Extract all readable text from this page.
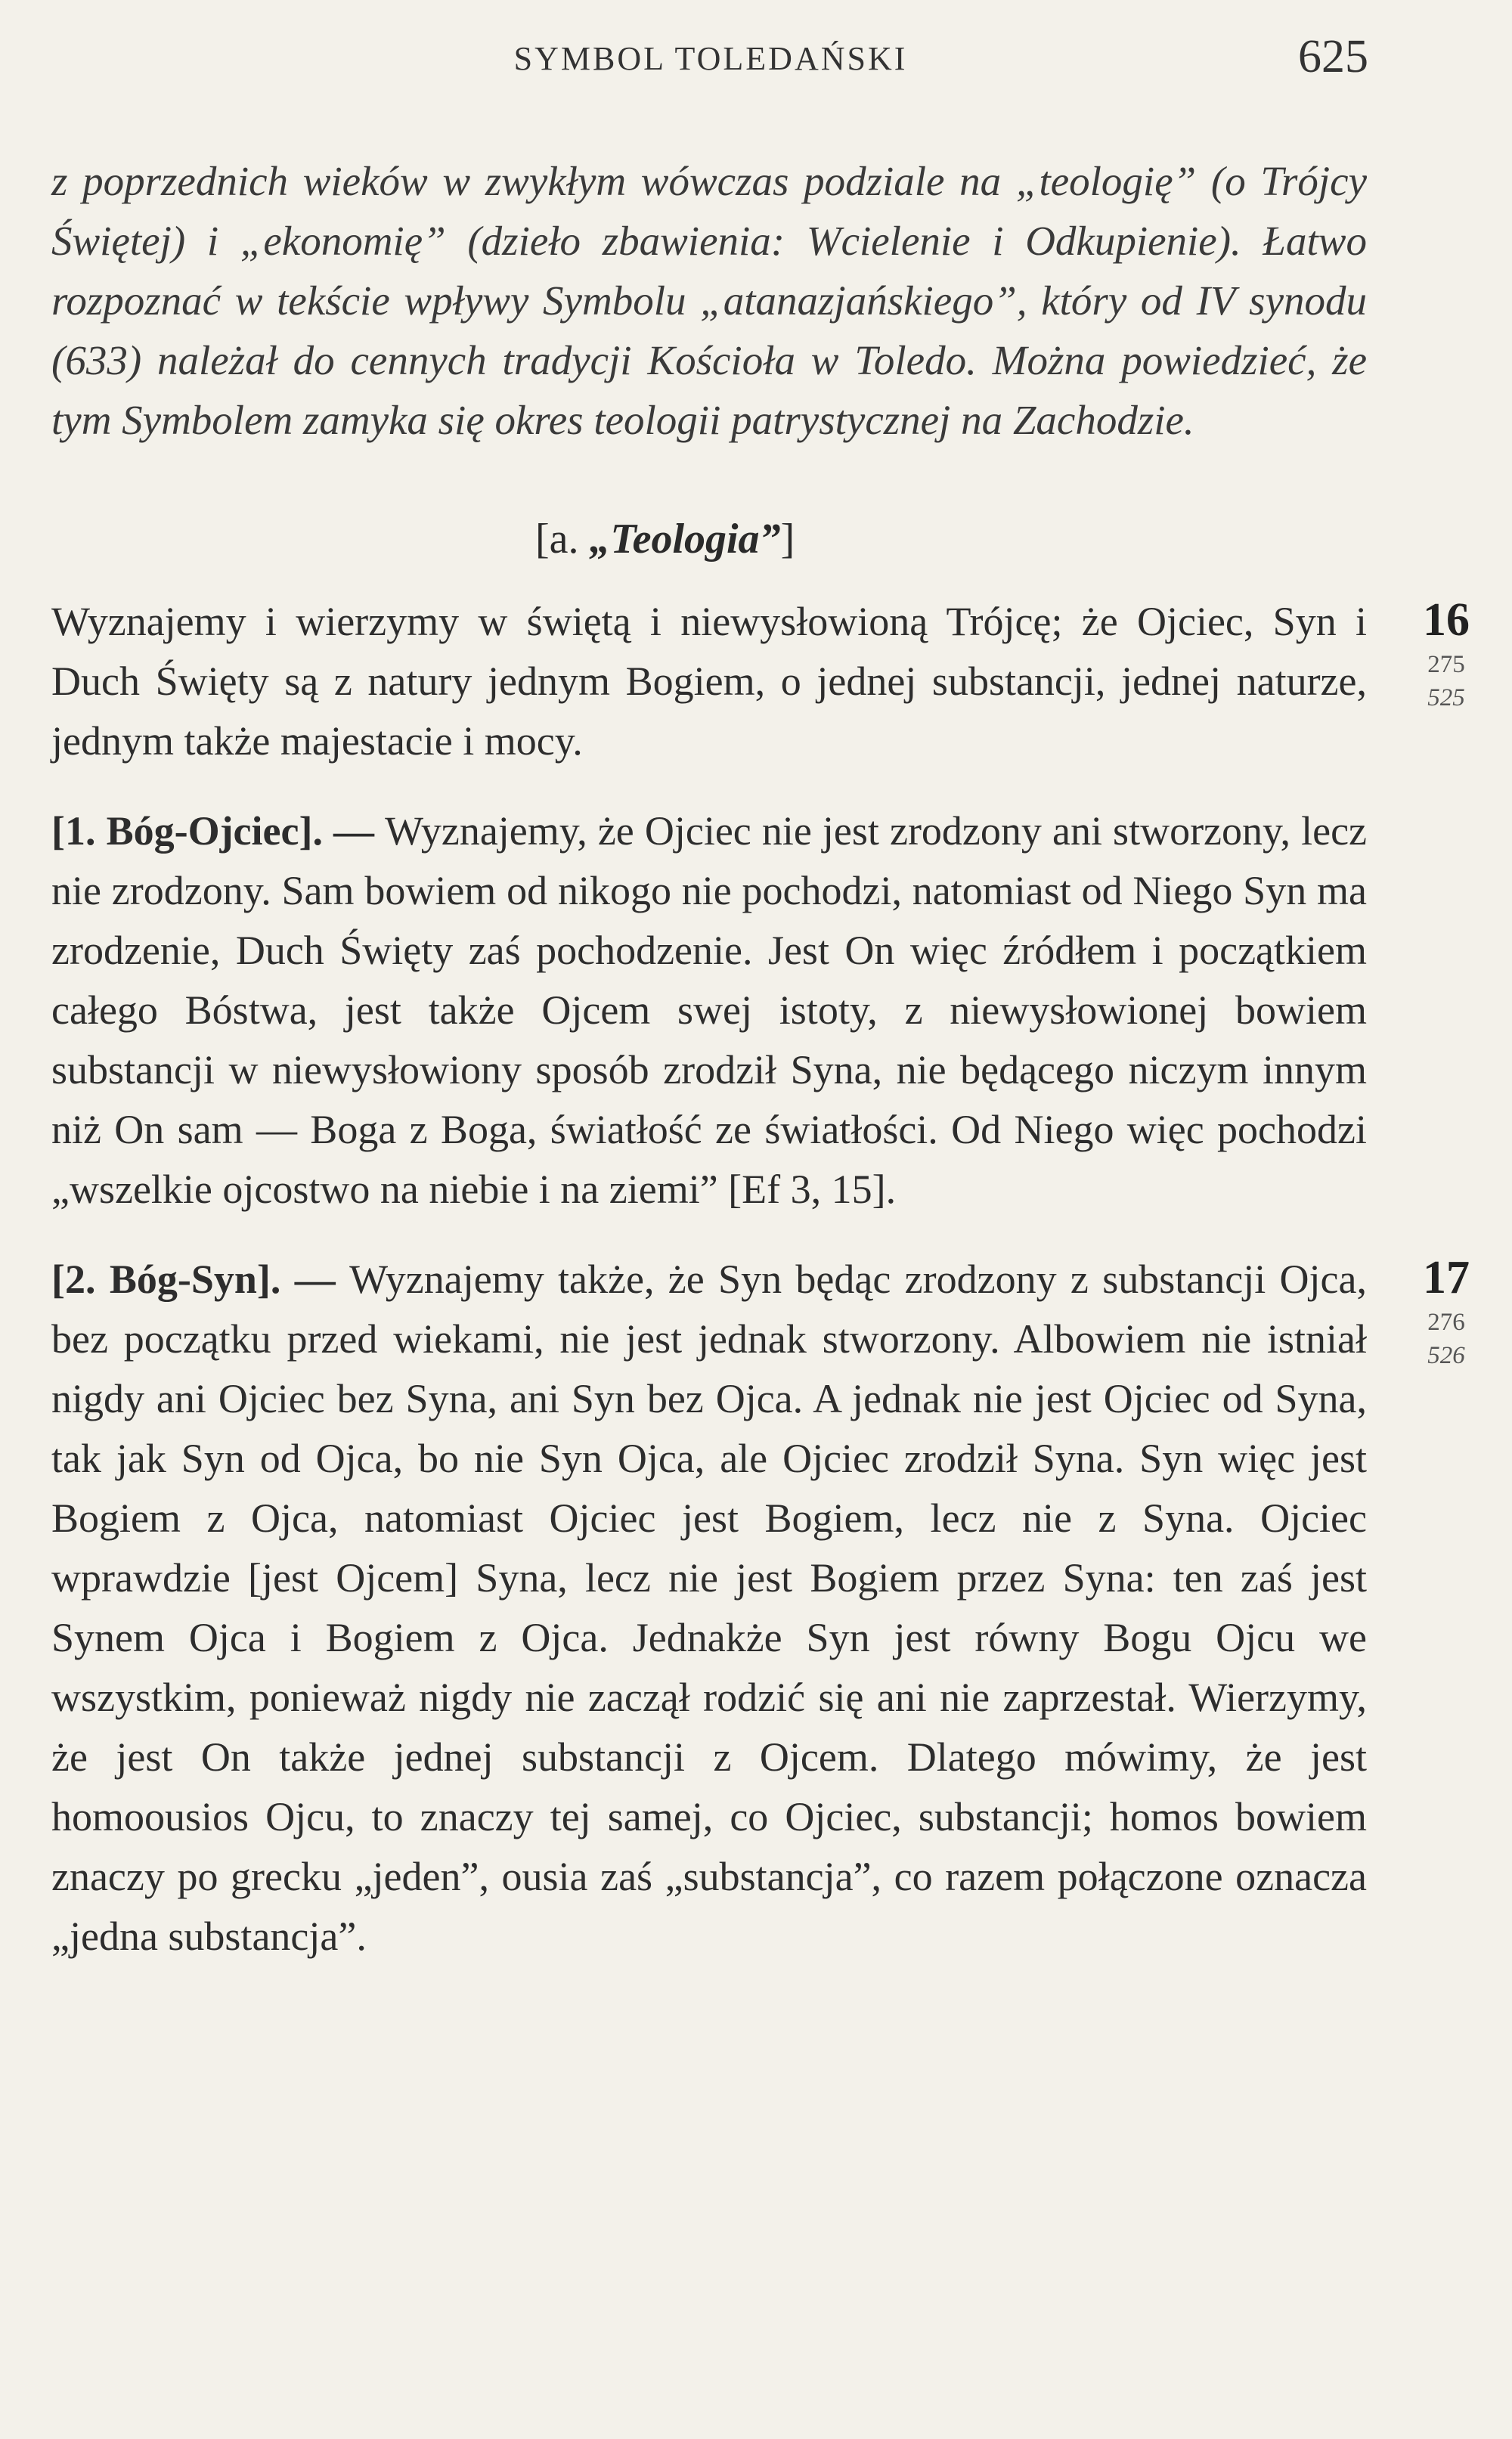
SYMBOL TOLEDAŃSKI	625

z poprzednich wieków w zwykłym wówczas podziale na „teologię” (o Trójcy Świętej) i „ekonomię” (dzieło zbawienia: Wcielenie i Odkupienie). Łatwo rozpoznać w tekście wpływy Symbolu „atanazjańskiego”, który od IV synodu (633) należał do cennych tradycji Kościoła w Toledo. Można powiedzieć, że tym Symbolem zamyka się okres teologii patrystycznej na Zachodzie.

[a. „Teologia”]
Wyznajemy i wierzymy w świętą i niewysłowioną Trójcę; że Ojciec, Syn i Duch Święty są z natury jednym Bogiem, o jednej substancji, jednej naturze, jednym także majestacie i mocy.
16
275
525
[1. Bóg-Ojciec]. — Wyznajemy, że Ojciec nie jest zrodzony ani stworzony, lecz nie zrodzony. Sam bowiem od nikogo nie pochodzi, natomiast od Niego Syn ma zrodzenie, Duch Święty zaś pochodzenie. Jest On więc źródłem i początkiem całego Bóstwa, jest także Ojcem swej istoty, z niewysłowionej bowiem substancji w niewysłowiony sposób zrodził Syna, nie będącego niczym innym niż On sam — Boga z Boga, światłość ze światłości. Od Niego więc pochodzi „wszelkie ojcostwo na niebie i na ziemi” [Ef 3, 15].
[2. Bóg-Syn]. — Wyznajemy także, że Syn będąc zrodzony z substancji Ojca, bez początku przed wiekami, nie jest jednak stworzony. Albowiem nie istniał nigdy ani Ojciec bez Syna, ani Syn bez Ojca. A jednak nie jest Ojciec od Syna, tak jak Syn od Ojca, bo nie Syn Ojca, ale Ojciec zrodził Syna. Syn więc jest Bogiem z Ojca, natomiast Ojciec jest Bogiem, lecz nie z Syna. Ojciec wprawdzie [jest Ojcem] Syna, lecz nie jest Bogiem przez Syna: ten zaś jest Synem Ojca i Bogiem z Ojca. Jednakże Syn jest równy Bogu Ojcu we wszystkim, ponieważ nigdy nie zaczął rodzić się ani nie zaprzestał. Wierzymy, że jest On także jednej substancji z Ojcem. Dlatego mówimy, że jest homoousios Ojcu, to znaczy tej samej, co Ojciec, substancji; homos bowiem znaczy po grecku „jeden”, ousia zaś „substancja”, co razem połączone oznacza „jedna substancja”.
17
276
526
